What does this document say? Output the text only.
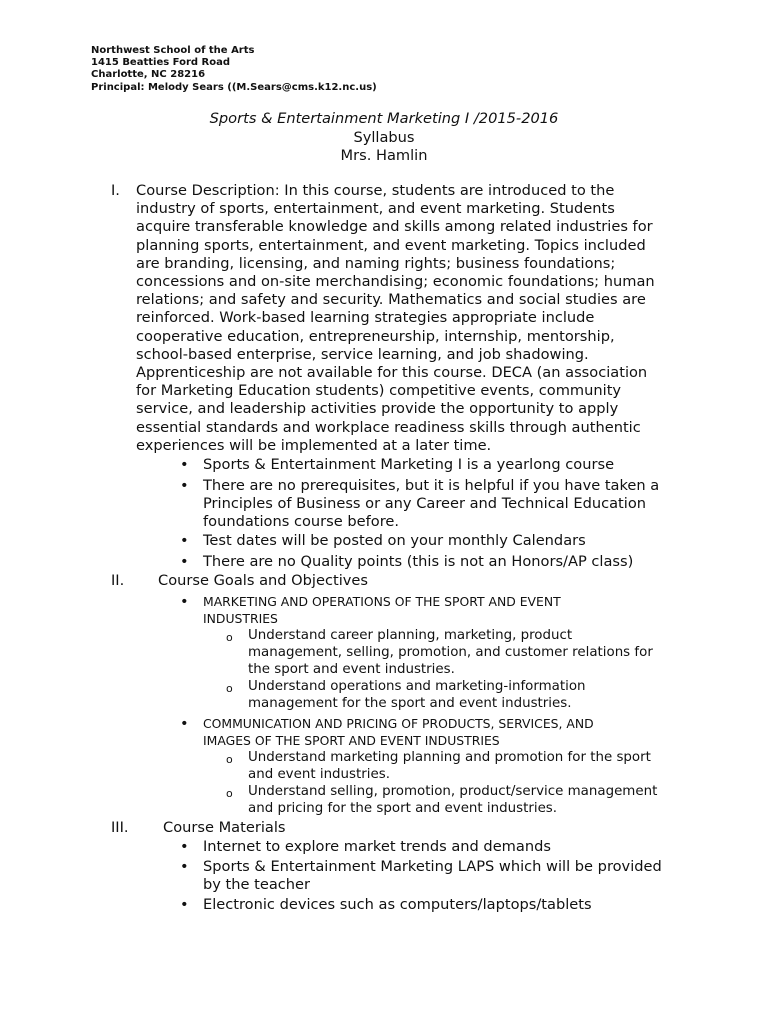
Northwest School of the Arts
1415 Beatties Ford Road
Charlotte, NC 28216
Principal: Melody Sears ((M.Sears@cms.k12.nc.us)
Sports & Entertainment Marketing I /2015-2016
Syllabus
Mrs. Hamlin
I. Course Description: In this course, students are introduced to the
industry of sports, entertainment, and event marketing. Students
acquire transferable knowledge and skills among related industries for
planning sports, entertainment, and event marketing. Topics included
are branding, licensing, and naming rights; business foundations;
concessions and on-site merchandising; economic foundations; human
relations; and safety and security. Mathematics and social studies are
reinforced. Work-based learning strategies appropriate include
cooperative education, entrepreneurship, internship, mentorship,
school-based enterprise, service learning, and job shadowing.
Apprenticeship are not available for this course. DECA (an association
for Marketing Education students) competitive events, community
service, and leadership activities provide the opportunity to apply
essential standards and workplace readiness skills through authentic
experiences will be implemented at a later time.
• Sports & Entertainment Marketing I is a yearlong course
• There are no prerequisites, but it is helpful if you have taken a
Principles of Business or any Career and Technical Education
foundations course before.
• Test dates will be posted on your monthly Calendars
• There are no Quality points (this is not an Honors/AP class)
II. Course Goals and Objectives
• MARKETING AND OPERATIONS OF THE SPORT AND EVENT
INDUSTRIES
o Understand career planning, marketing, product
management, selling, promotion, and customer relations for
the sport and event industries.
o Understand operations and marketing-information
management for the sport and event industries.
• COMMUNICATION AND PRICING OF PRODUCTS, SERVICES, AND
IMAGES OF THE SPORT AND EVENT INDUSTRIES
o Understand marketing planning and promotion for the sport
and event industries.
o Understand selling, promotion, product/service management
and pricing for the sport and event industries.
III. Course Materials
• Internet to explore market trends and demands
• Sports & Entertainment Marketing LAPS which will be provided
by the teacher
• Electronic devices such as computers/laptops/tablets
